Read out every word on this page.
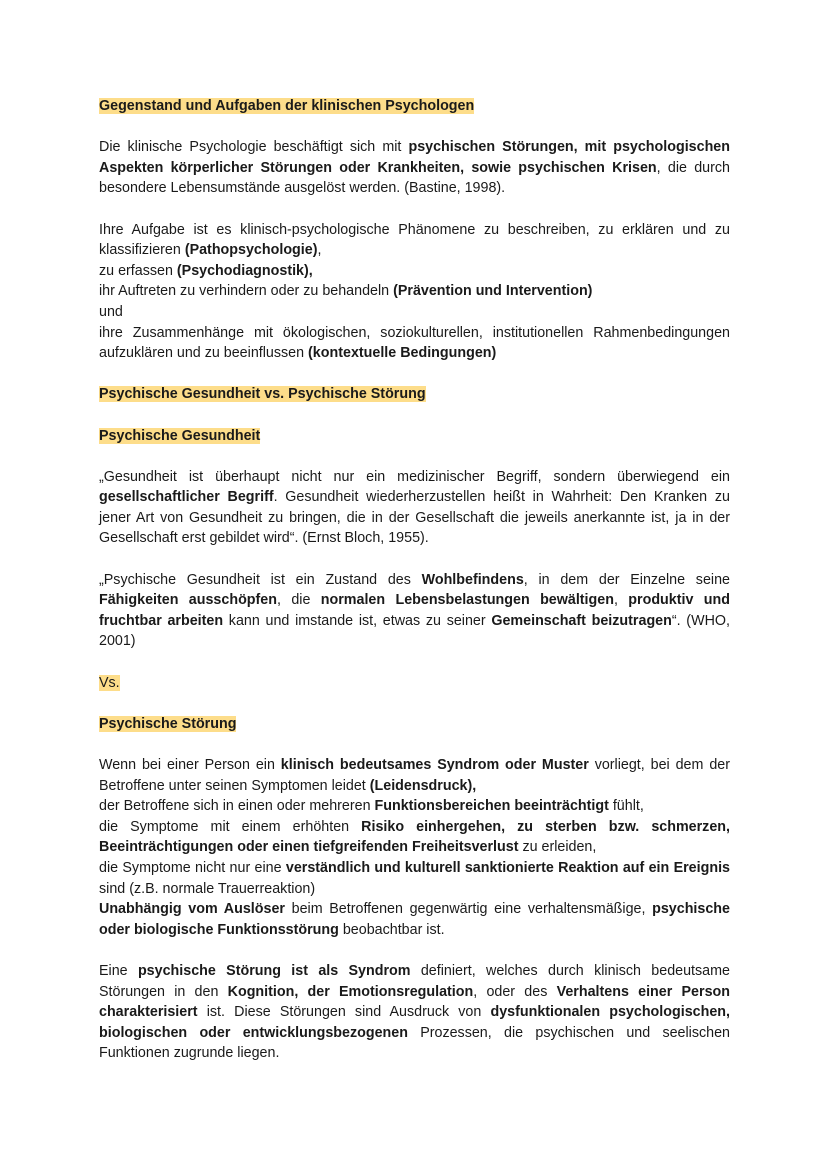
Gegenstand und Aufgaben der klinischen Psychologen

Die klinische Psychologie beschäftigt sich mit psychischen Störungen, mit psychologischen Aspekten körperlicher Störungen oder Krankheiten, sowie psychischen Krisen, die durch besondere Lebensumstände ausgelöst werden. (Bastine, 1998).

Ihre Aufgabe ist es klinisch-psychologische Phänomene zu beschreiben, zu erklären und zu klassifizieren (Pathopsychologie),

zu erfassen (Psychodiagnostik),

ihr Auftreten zu verhindern oder zu behandeln (Prävention und Intervention)

und

ihre Zusammenhänge mit ökologischen, soziokulturellen, institutionellen Rahmenbedingungen aufzuklären und zu beeinflussen (kontextuelle Bedingungen)

Psychische Gesundheit vs. Psychische Störung

Psychische Gesundheit

„Gesundheit ist überhaupt nicht nur ein medizinischer Begriff, sondern überwiegend ein gesellschaftlicher Begriff. Gesundheit wiederherzustellen heißt in Wahrheit: Den Kranken zu jener Art von Gesundheit zu bringen, die in der Gesellschaft die jeweils anerkannte ist, ja in der Gesellschaft erst gebildet wird“. (Ernst Bloch, 1955).

„Psychische Gesundheit ist ein Zustand des Wohlbefindens, in dem der Einzelne seine Fähigkeiten ausschöpfen, die normalen Lebensbelastungen bewältigen, produktiv und fruchtbar arbeiten kann und imstande ist, etwas zu seiner Gemeinschaft beizutragen“. (WHO, 2001)

Vs.

Psychische Störung

Wenn bei einer Person ein klinisch bedeutsames Syndrom oder Muster vorliegt, bei dem der Betroffene unter seinen Symptomen leidet (Leidensdruck),

der Betroffene sich in einen oder mehreren Funktionsbereichen beeinträchtigt fühlt,

die Symptome mit einem erhöhten Risiko einhergehen, zu sterben bzw. schmerzen, Beeinträchtigungen oder einen tiefgreifenden Freiheitsverlust zu erleiden,

die Symptome nicht nur eine verständlich und kulturell sanktionierte Reaktion auf ein Ereignis sind (z.B. normale Trauerreaktion)

Unabhängig vom Auslöser beim Betroffenen gegenwärtig eine verhaltensmäßige, psychische oder biologische Funktionsstörung beobachtbar ist.

Eine psychische Störung ist als Syndrom definiert, welches durch klinisch bedeutsame Störungen in den Kognition, der Emotionsregulation, oder des Verhaltens einer Person charakterisiert ist. Diese Störungen sind Ausdruck von dysfunktionalen psychologischen, biologischen oder entwicklungsbezogenen Prozessen, die psychischen und seelischen Funktionen zugrunde liegen.
